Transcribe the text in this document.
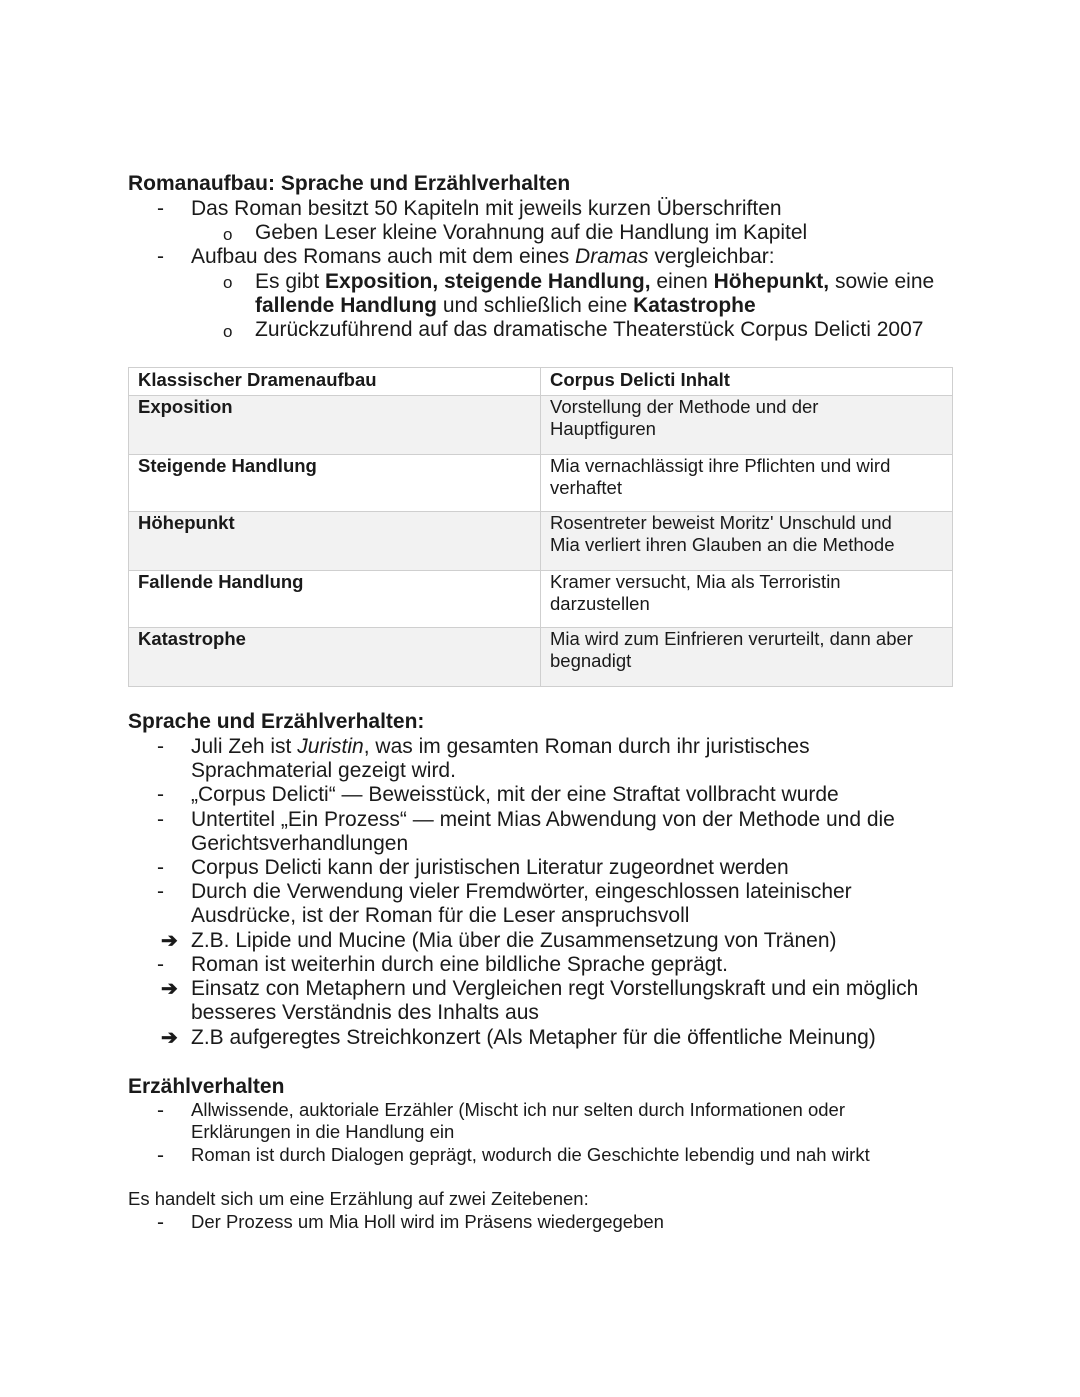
Romanaufbau: Sprache und Erzählverhalten
- Das Roman besitzt 50 Kapiteln mit jeweils kurzen Überschriften
o Geben Leser kleine Vorahnung auf die Handlung im Kapitel
- Aufbau des Romans auch mit dem eines Dramas vergleichbar:
o Es gibt Exposition, steigende Handlung, einen Höhepunkt, sowie eine
fallende Handlung und schließlich eine Katastrophe
o Zurückzuführend auf das dramatische Theaterstück Corpus Delicti 2007
Klassischer Dramenaufbau	Corpus Delicti Inhalt
Exposition	Vorstellung der Methode und der
Hauptfiguren

Steigende Handlung	Mia vernachlässigt ihre Pflichten und wird
verhaftet

Höhepunkt	Rosentreter beweist Moritz' Unschuld und
Mia verliert ihren Glauben an die Methode

Fallende Handlung	Kramer versucht, Mia als Terroristin
darzustellen

Katastrophe	Mia wird zum Einfrieren verurteilt, dann aber
begnadigt
Sprache und Erzählverhalten:
- Juli Zeh ist Juristin, was im gesamten Roman durch ihr juristisches
Sprachmaterial gezeigt wird.
- „Corpus Delicti“ — Beweisstück, mit der eine Straftat vollbracht wurde
- Untertitel „Ein Prozess“ — meint Mias Abwendung von der Methode und die
Gerichtsverhandlungen
- Corpus Delicti kann der juristischen Literatur zugeordnet werden
- Durch die Verwendung vieler Fremdwörter, eingeschlossen lateinischer
Ausdrücke, ist der Roman für die Leser anspruchsvoll
➔ Z.B. Lipide und Mucine (Mia über die Zusammensetzung von Tränen)
- Roman ist weiterhin durch eine bildliche Sprache geprägt.
➔ Einsatz con Metaphern und Vergleichen regt Vorstellungskraft und ein möglich
besseres Verständnis des Inhalts aus
➔ Z.B aufgeregtes Streichkonzert (Als Metapher für die öffentliche Meinung)
Erzählverhalten
- Allwissende, auktoriale Erzähler (Mischt ich nur selten durch Informationen oder
Erklärungen in die Handlung ein
- Roman ist durch Dialogen geprägt, wodurch die Geschichte lebendig und nah wirkt
Es handelt sich um eine Erzählung auf zwei Zeitebenen:
- Der Prozess um Mia Holl wird im Präsens wiedergegeben
